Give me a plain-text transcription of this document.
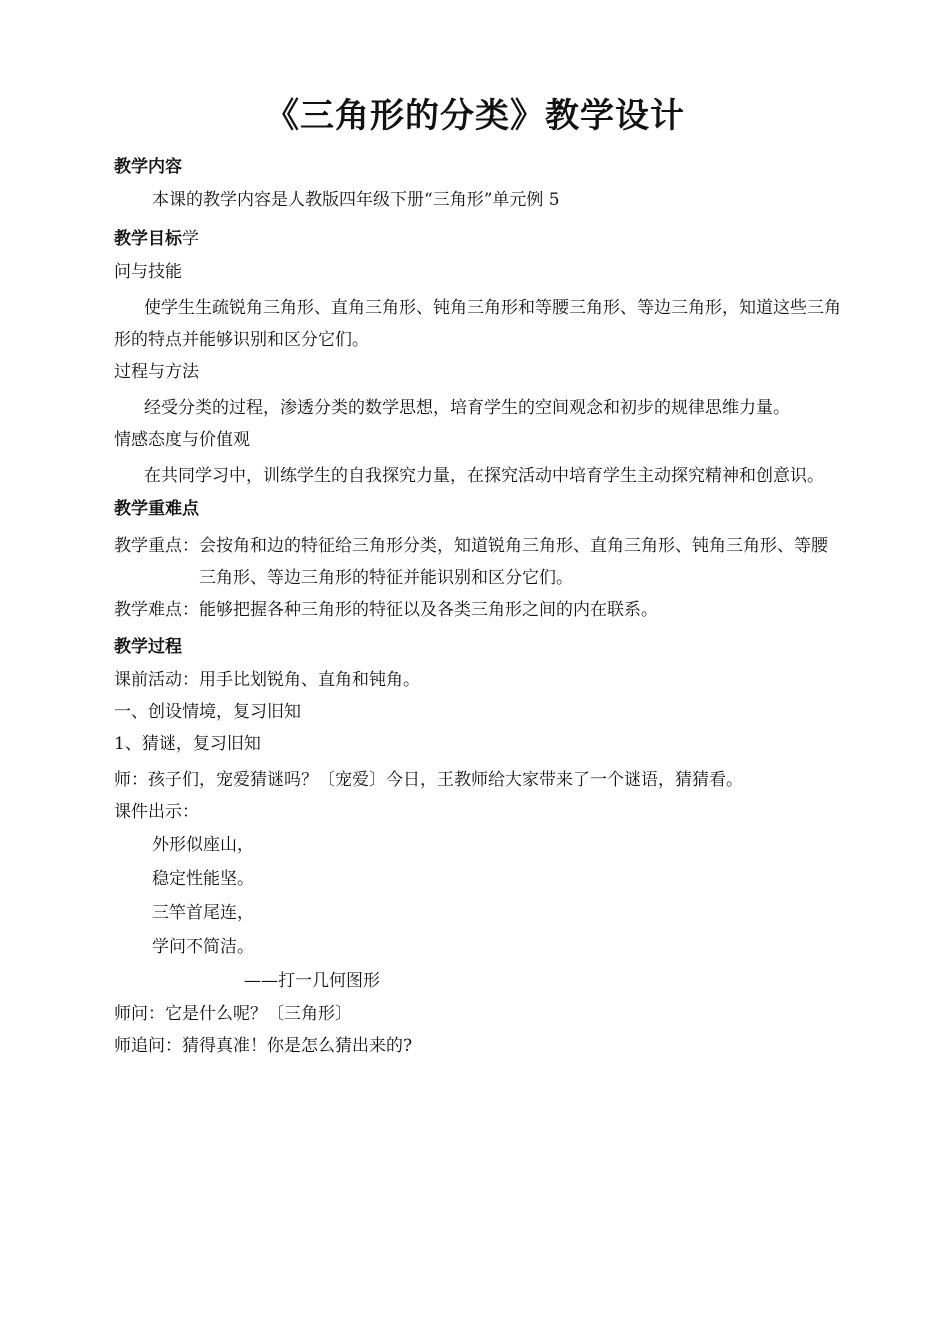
《三角形的分类》教学设计
教学内容
本课的教学内容是人教版四年级下册“三角形”单元例 5
教学目标学
问与技能
使学生生疏锐角三角形、直角三角形、钝角三角形和等腰三角形、等边三角形，知道这些三角形的特点并能够识别和区分它们。
过程与方法
经受分类的过程，渗透分类的数学思想，培育学生的空间观念和初步的规律思维力量。
情感态度与价值观
在共同学习中，训练学生的自我探究力量，在探究活动中培育学生主动探究精神和创意识。
教学重难点
教学重点： 会按角和边的特征给三角形分类，知道锐角三角形、直角三角形、钝角三角形、等腰三角形、等边三角形的特征并能识别和区分它们。
教学难点： 能够把握各种三角形的特征以及各类三角形之间的内在联系。
教学过程
课前活动：用手比划锐角、直角和钝角。
一、创设情境，复习旧知
1、猜谜，复习旧知
师：孩子们，宠爱猜谜吗？〔宠爱〕今日，王教师给大家带来了一个谜语，猜猜看。
课件出示：
外形似座山，
稳定性能坚。
三竿首尾连，
学问不简洁。
——打一几何图形
师问：它是什么呢？〔三角形〕
师追问：猜得真准！你是怎么猜出来的?
